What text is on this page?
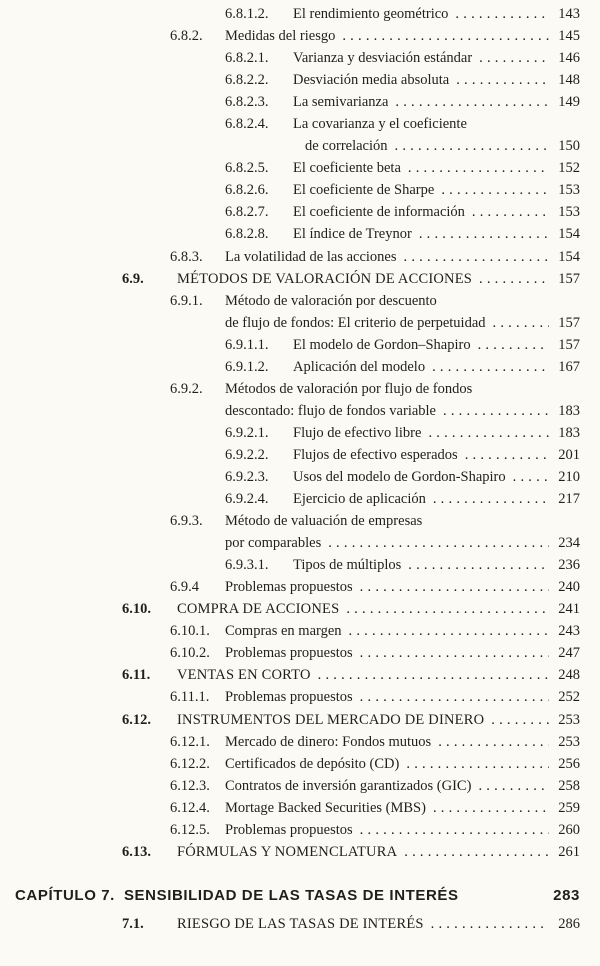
6.8.1.2.	El rendimiento geométrico .....	143
6.8.2.	Medidas del riesgo .....	145
6.8.2.1.	Varianza y desviación estándar .....	146
6.8.2.2.	Desviación media absoluta .....	148
6.8.2.3.	La semivarianza .....	149
6.8.2.4.	La covarianza y el coeficiente
de correlación .....	150
6.8.2.5.	El coeficiente beta .....	152
6.8.2.6.	El coeficiente de Sharpe .....	153
6.8.2.7.	El coeficiente de información .....	153
6.8.2.8.	El índice de Treynor .....	154
6.8.3.	La volatilidad de las acciones .....	154
6.9.	MÉTODOS DE VALORACIÓN DE ACCIONES .....	157
6.9.1.	Método de valoración por descuento
de flujo de fondos: El criterio de perpetuidad .....	157
6.9.1.1.	El modelo de Gordon–Shapiro .....	157
6.9.1.2.	Aplicación del modelo .....	167
6.9.2.	Métodos de valoración por flujo de fondos
descontado: flujo de fondos variable .....	183
6.9.2.1.	Flujo de efectivo libre .....	183
6.9.2.2.	Flujos de efectivo esperados .....	201
6.9.2.3.	Usos del modelo de Gordon-Shapiro .....	210
6.9.2.4.	Ejercicio de aplicación .....	217
6.9.3.	Método de valuación de empresas
por comparables .....	234
6.9.3.1.	Tipos de múltiplos .....	236
6.9.4	Problemas propuestos .....	240
6.10.	COMPRA DE ACCIONES .....	241
6.10.1.	Compras en margen .....	243
6.10.2.	Problemas propuestos .....	247
6.11.	VENTAS EN CORTO .....	248
6.11.1.	Problemas propuestos .....	252
6.12.	INSTRUMENTOS DEL MERCADO DE DINERO .....	253
6.12.1.	Mercado de dinero: Fondos mutuos .....	253
6.12.2.	Certificados de depósito (CD) .....	256
6.12.3.	Contratos de inversión garantizados (GIC) .....	258
6.12.4.	Mortage Backed Securities (MBS) .....	259
6.12.5.	Problemas propuestos .....	260
6.13.	FÓRMULAS Y NOMENCLATURA .....	261
CAPÍTULO 7. SENSIBILIDAD DE LAS TASAS DE INTERÉS	283
7.1.	RIESGO DE LAS TASAS DE INTERÉS .....	286
